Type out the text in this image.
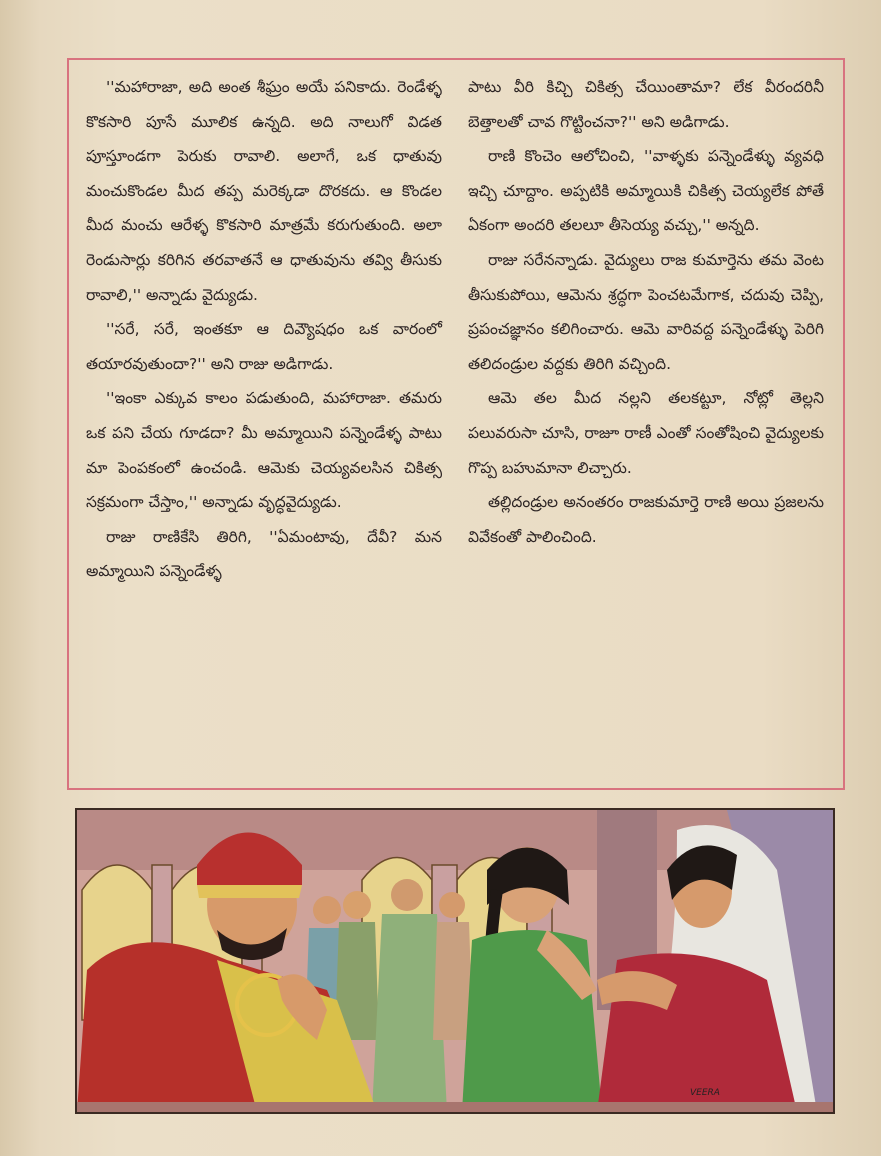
''మహారాజా, అది అంత శీఘ్రం అయే పనికాదు. రెండేళ్ళ కొకసారి పూసే మూలిక ఉన్నది. అది నాలుగో విడత పూస్తూండగా పెరుకు రావాలి. అలాగే, ఒక ధాతువు మంచుకొండల మీద తప్ప మరెక్కడా దొరకదు. ఆ కొండల మీద మంచు ఆరేళ్ళ కొకసారి మాత్రమే కరుగుతుంది. అలా రెండుసార్లు కరిగిన తరవాతనే ఆ ధాతువును తవ్వి తీసుకు రావాలి,'' అన్నాడు వైద్యుడు.

''సరే, సరే, ఇంతకూ ఆ దివ్యౌషధం ఒక వారంలో తయారవుతుందా?'' అని రాజు అడిగాడు.

''ఇంకా ఎక్కువ కాలం పడుతుంది, మహారాజా. తమరు ఒక పని చేయ గూడదా? మీ అమ్మాయిని పన్నెండేళ్ళ పాటు మా పెంపకంలో ఉంచండి. ఆమెకు చెయ్యవలసిన చికిత్స సక్రమంగా చేస్తాం,'' అన్నాడు వృద్ధవైద్యుడు.

రాజు రాణికేసి తిరిగి, ''ఏమంటావు, దేవీ? మన అమ్మాయిని పన్నెండేళ్ళ

పాటు వీరి కిచ్చి చికిత్స చేయింతామా? లేక వీరందరినీ బెత్తాలతో చావ గొట్టించనా?'' అని అడిగాడు.

రాణి కొంచెం ఆలోచించి, ''వాళ్ళకు పన్నెండేళ్ళు వ్యవధి ఇచ్చి చూద్దాం. అప్పటికి అమ్మాయికి చికిత్స చెయ్యలేక పోతే ఏకంగా అందరి తలలూ తీసెయ్య వచ్చు,'' అన్నది.

రాజు సరేనన్నాడు. వైద్యులు రాజ కుమార్తెను తమ వెంట తీసుకుపోయి, ఆమెను శ్రద్ధగా పెంచటమేగాక, చదువు చెప్పి, ప్రపంచజ్ఞానం కలిగించారు. ఆమె వారివద్ద పన్నెండేళ్ళు పెరిగి తలిదండ్రుల వద్దకు తిరిగి వచ్చింది.

ఆమె తల మీద నల్లని తలకట్టూ, నోట్లో తెల్లని పలువరుసా చూసి, రాజూ రాణీ ఎంతో సంతోషించి వైద్యులకు గొప్ప బహుమానా లిచ్చారు.

తల్లిదండ్రుల అనంతరం రాజకుమార్తె రాణి అయి ప్రజలను వివేకంతో పాలించింది.

VEERA
